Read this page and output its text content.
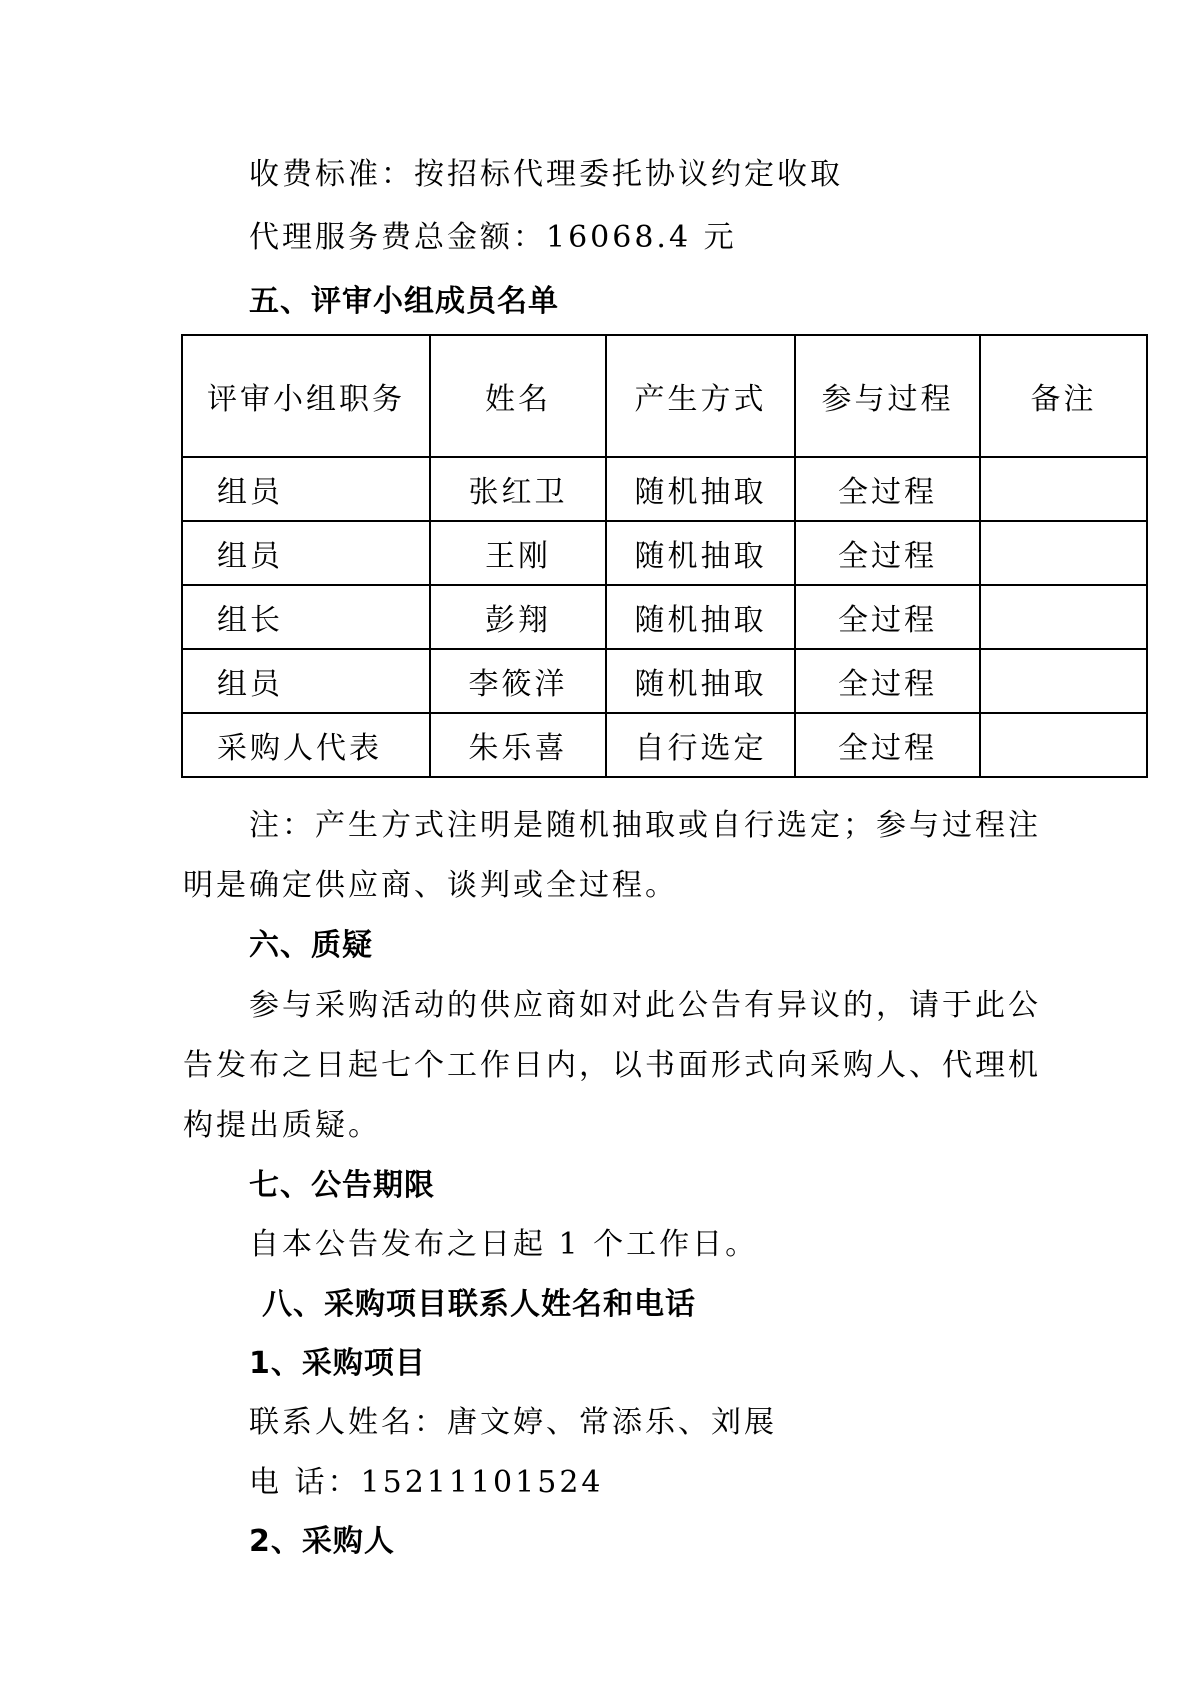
收费标准：按招标代理委托协议约定收取

代理服务费总金额：16068.4 元

五、评审小组成员名单

评审小组职务	姓名	产生方式	参与过程	备注
组员	张红卫	随机抽取	全过程	
组员	王刚	随机抽取	全过程	
组长	彭翔	随机抽取	全过程	
组员	李筱洋	随机抽取	全过程	
采购人代表	朱乐喜	自行选定	全过程	

注：产生方式注明是随机抽取或自行选定；参与过程注

明是确定供应商、谈判或全过程。

六、质疑

参与采购活动的供应商如对此公告有异议的，请于此公

告发布之日起七个工作日内，以书面形式向采购人、代理机

构提出质疑。

七、公告期限

自本公告发布之日起 1 个工作日。

八、采购项目联系人姓名和电话

1、采购项目

联系人姓名：唐文婷、常添乐、刘展

电 话：15211101524

2、采购人
